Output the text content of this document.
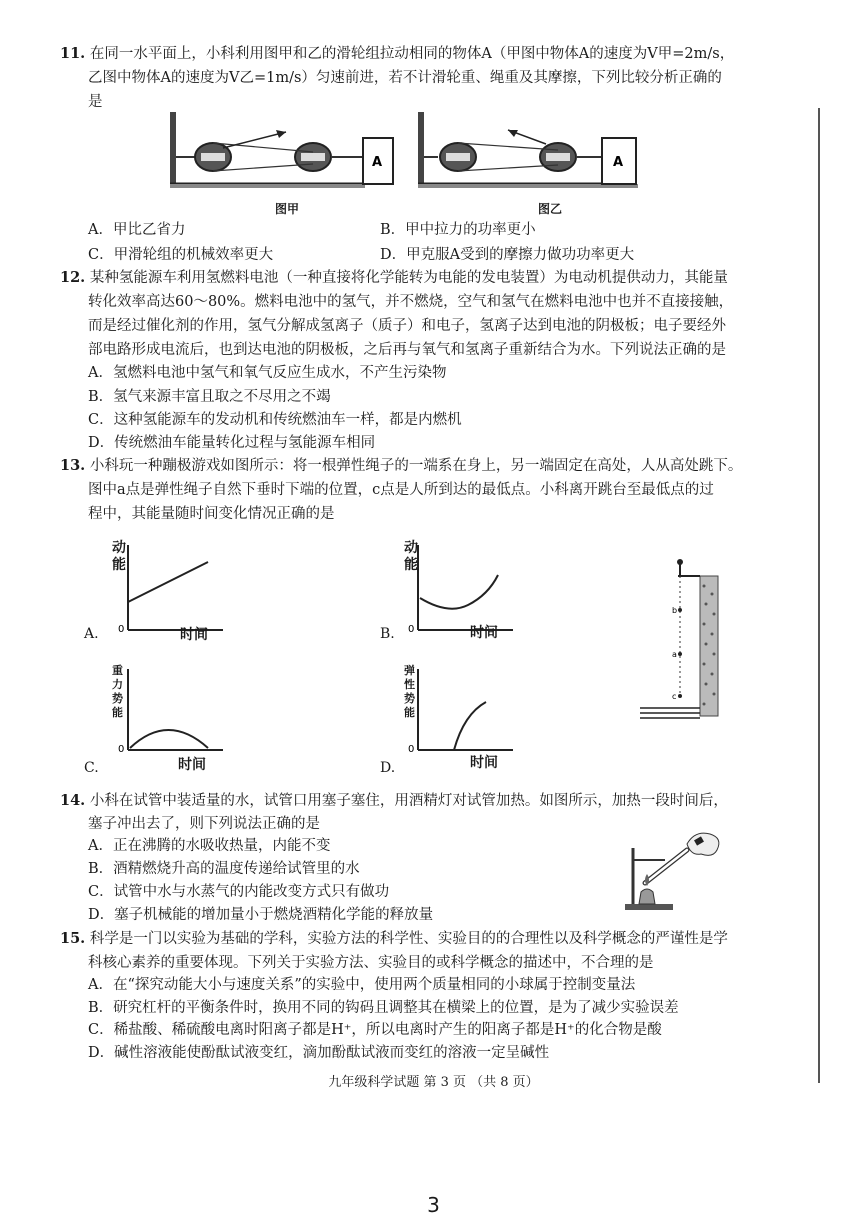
11. 在同一水平面上，小科利用图甲和乙的滑轮组拉动相同的物体A（甲图中物体A的速度为V甲=2m/s，
乙图中物体A的速度为V乙=1m/s）匀速前进，若不计滑轮重、绳重及其摩擦，下列比较分析正确的
是
A	A
图甲	图乙
A．甲比乙省力	B．甲中拉力的功率更小
C．甲滑轮组的机械效率更大	D．甲克服A受到的摩擦力做功功率更大
12. 某种氢能源车利用氢燃料电池（一种直接将化学能转为电能的发电装置）为电动机提供动力，其能量
转化效率高达60～80%。燃料电池中的氢气，并不燃烧，空气和氢气在燃料电池中也并不直接接触，
而是经过催化剂的作用，氢气分解成氢离子（质子）和电子，氢离子达到电池的阴极板；电子要经外
部电路形成电流后，也到达电池的阴极板，之后再与氧气和氢离子重新结合为水。下列说法正确的是
A．氢燃料电池中氢气和氧气反应生成水，不产生污染物
B．氢气来源丰富且取之不尽用之不竭
C．这种氢能源车的发动机和传统燃油车一样，都是内燃机
D．传统燃油车能量转化过程与氢能源车相同
13. 小科玩一种蹦极游戏如图所示：将一根弹性绳子的一端系在身上，另一端固定在高处，人从高处跳下。
图中a点是弹性绳子自然下垂时下端的位置，c点是人所到达的最低点。小科离开跳台至最低点的过
程中，其能量随时间变化情况正确的是
A. 0
动能
时间	B. 0
动能
时间
C.
0
重力势能
时间	D.
0
弹性势能
时间
b
a
c
14. 小科在试管中装适量的水，试管口用塞子塞住，用酒精灯对试管加热。如图所示，加热一段时间后，
塞子冲出去了，则下列说法正确的是
A．正在沸腾的水吸收热量，内能不变
B．酒精燃烧升高的温度传递给试管里的水
C．试管中水与水蒸气的内能改变方式只有做功
D．塞子机械能的增加量小于燃烧酒精化学能的释放量
15. 科学是一门以实验为基础的学科，实验方法的科学性、实验目的的合理性以及科学概念的严谨性是学
科核心素养的重要体现。下列关于实验方法、实验目的或科学概念的描述中，不合理的是
A．在“探究动能大小与速度关系”的实验中，使用两个质量相同的小球属于控制变量法
B．研究杠杆的平衡条件时，换用不同的钩码且调整其在横梁上的位置，是为了减少实验误差
C．稀盐酸、稀硫酸电离时阳离子都是H⁺，所以电离时产生的阳离子都是H⁺的化合物是酸
D．碱性溶液能使酚酞试液变红，滴加酚酞试液而变红的溶液一定呈碱性
九年级科学试题 第 3 页 （共 8 页）
3
